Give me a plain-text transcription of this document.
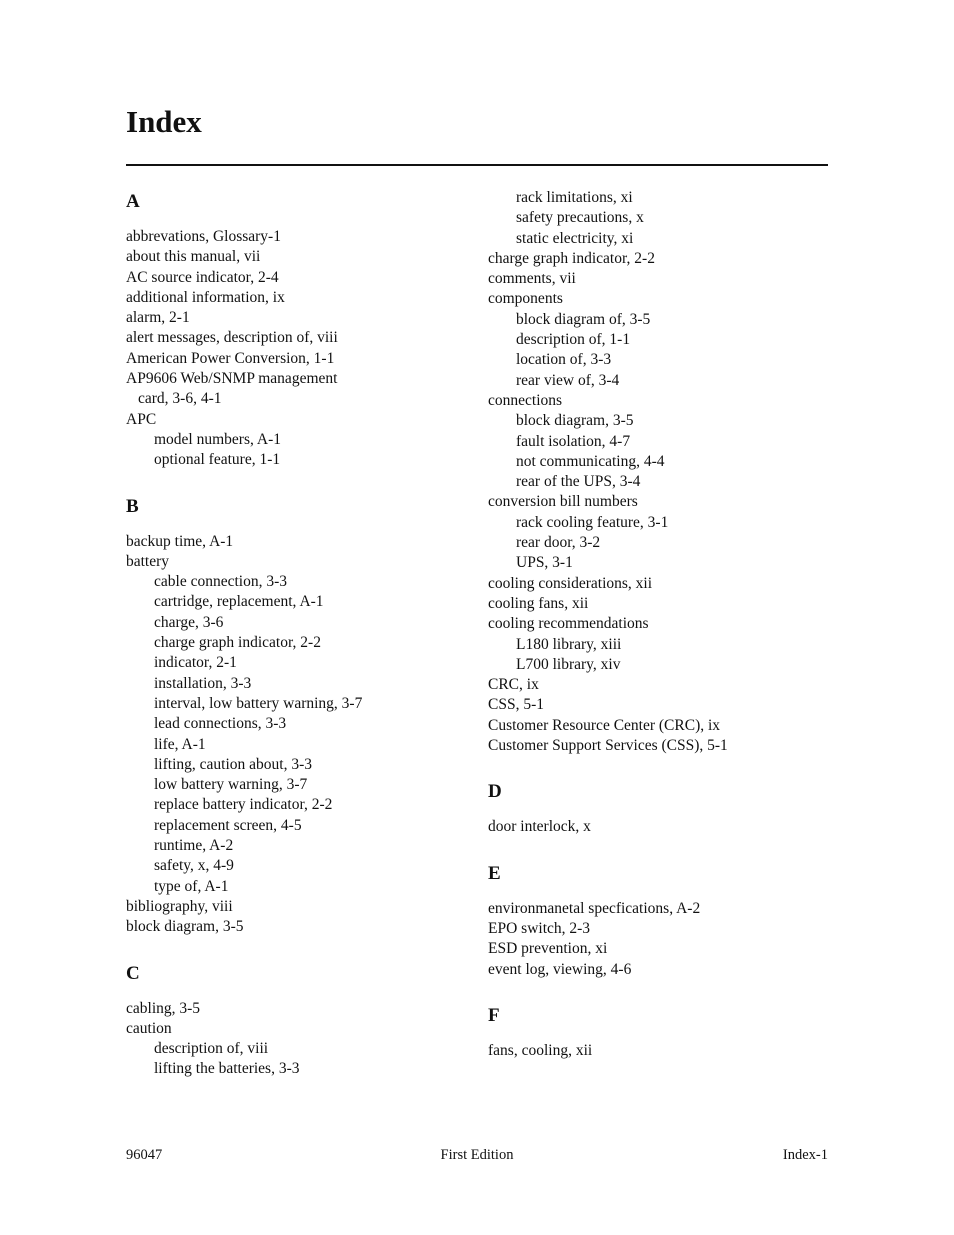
Index
A
abbrevations, Glossary-1
about this manual, vii
AC source indicator, 2-4
additional information, ix
alarm, 2-1
alert messages, description of, viii
American Power Conversion, 1-1
AP9606 Web/SNMP management
card, 3-6, 4-1
APC
model numbers, A-1
optional feature, 1-1
B
backup time, A-1
battery
cable connection, 3-3
cartridge, replacement, A-1
charge, 3-6
charge graph indicator, 2-2
indicator, 2-1
installation, 3-3
interval, low battery warning, 3-7
lead connections, 3-3
life, A-1
lifting, caution about, 3-3
low battery warning, 3-7
replace battery indicator, 2-2
replacement screen, 4-5
runtime, A-2
safety, x, 4-9
type of, A-1
bibliography, viii
block diagram, 3-5
C
cabling, 3-5
caution
description of, viii
lifting the batteries, 3-3
rack limitations, xi
safety precautions, x
static electricity, xi
charge graph indicator, 2-2
comments, vii
components
block diagram of, 3-5
description of, 1-1
location of, 3-3
rear view of, 3-4
connections
block diagram, 3-5
fault isolation, 4-7
not communicating, 4-4
rear of the UPS, 3-4
conversion bill numbers
rack cooling feature, 3-1
rear door, 3-2
UPS, 3-1
cooling considerations, xii
cooling fans, xii
cooling recommendations
L180 library, xiii
L700 library, xiv
CRC, ix
CSS, 5-1
Customer Resource Center (CRC), ix
Customer Support Services (CSS), 5-1
D
door interlock, x
E
environmanetal specfications, A-2
EPO switch, 2-3
ESD prevention, xi
event log, viewing, 4-6
F
fans, cooling, xii
96047	First Edition	Index-1
